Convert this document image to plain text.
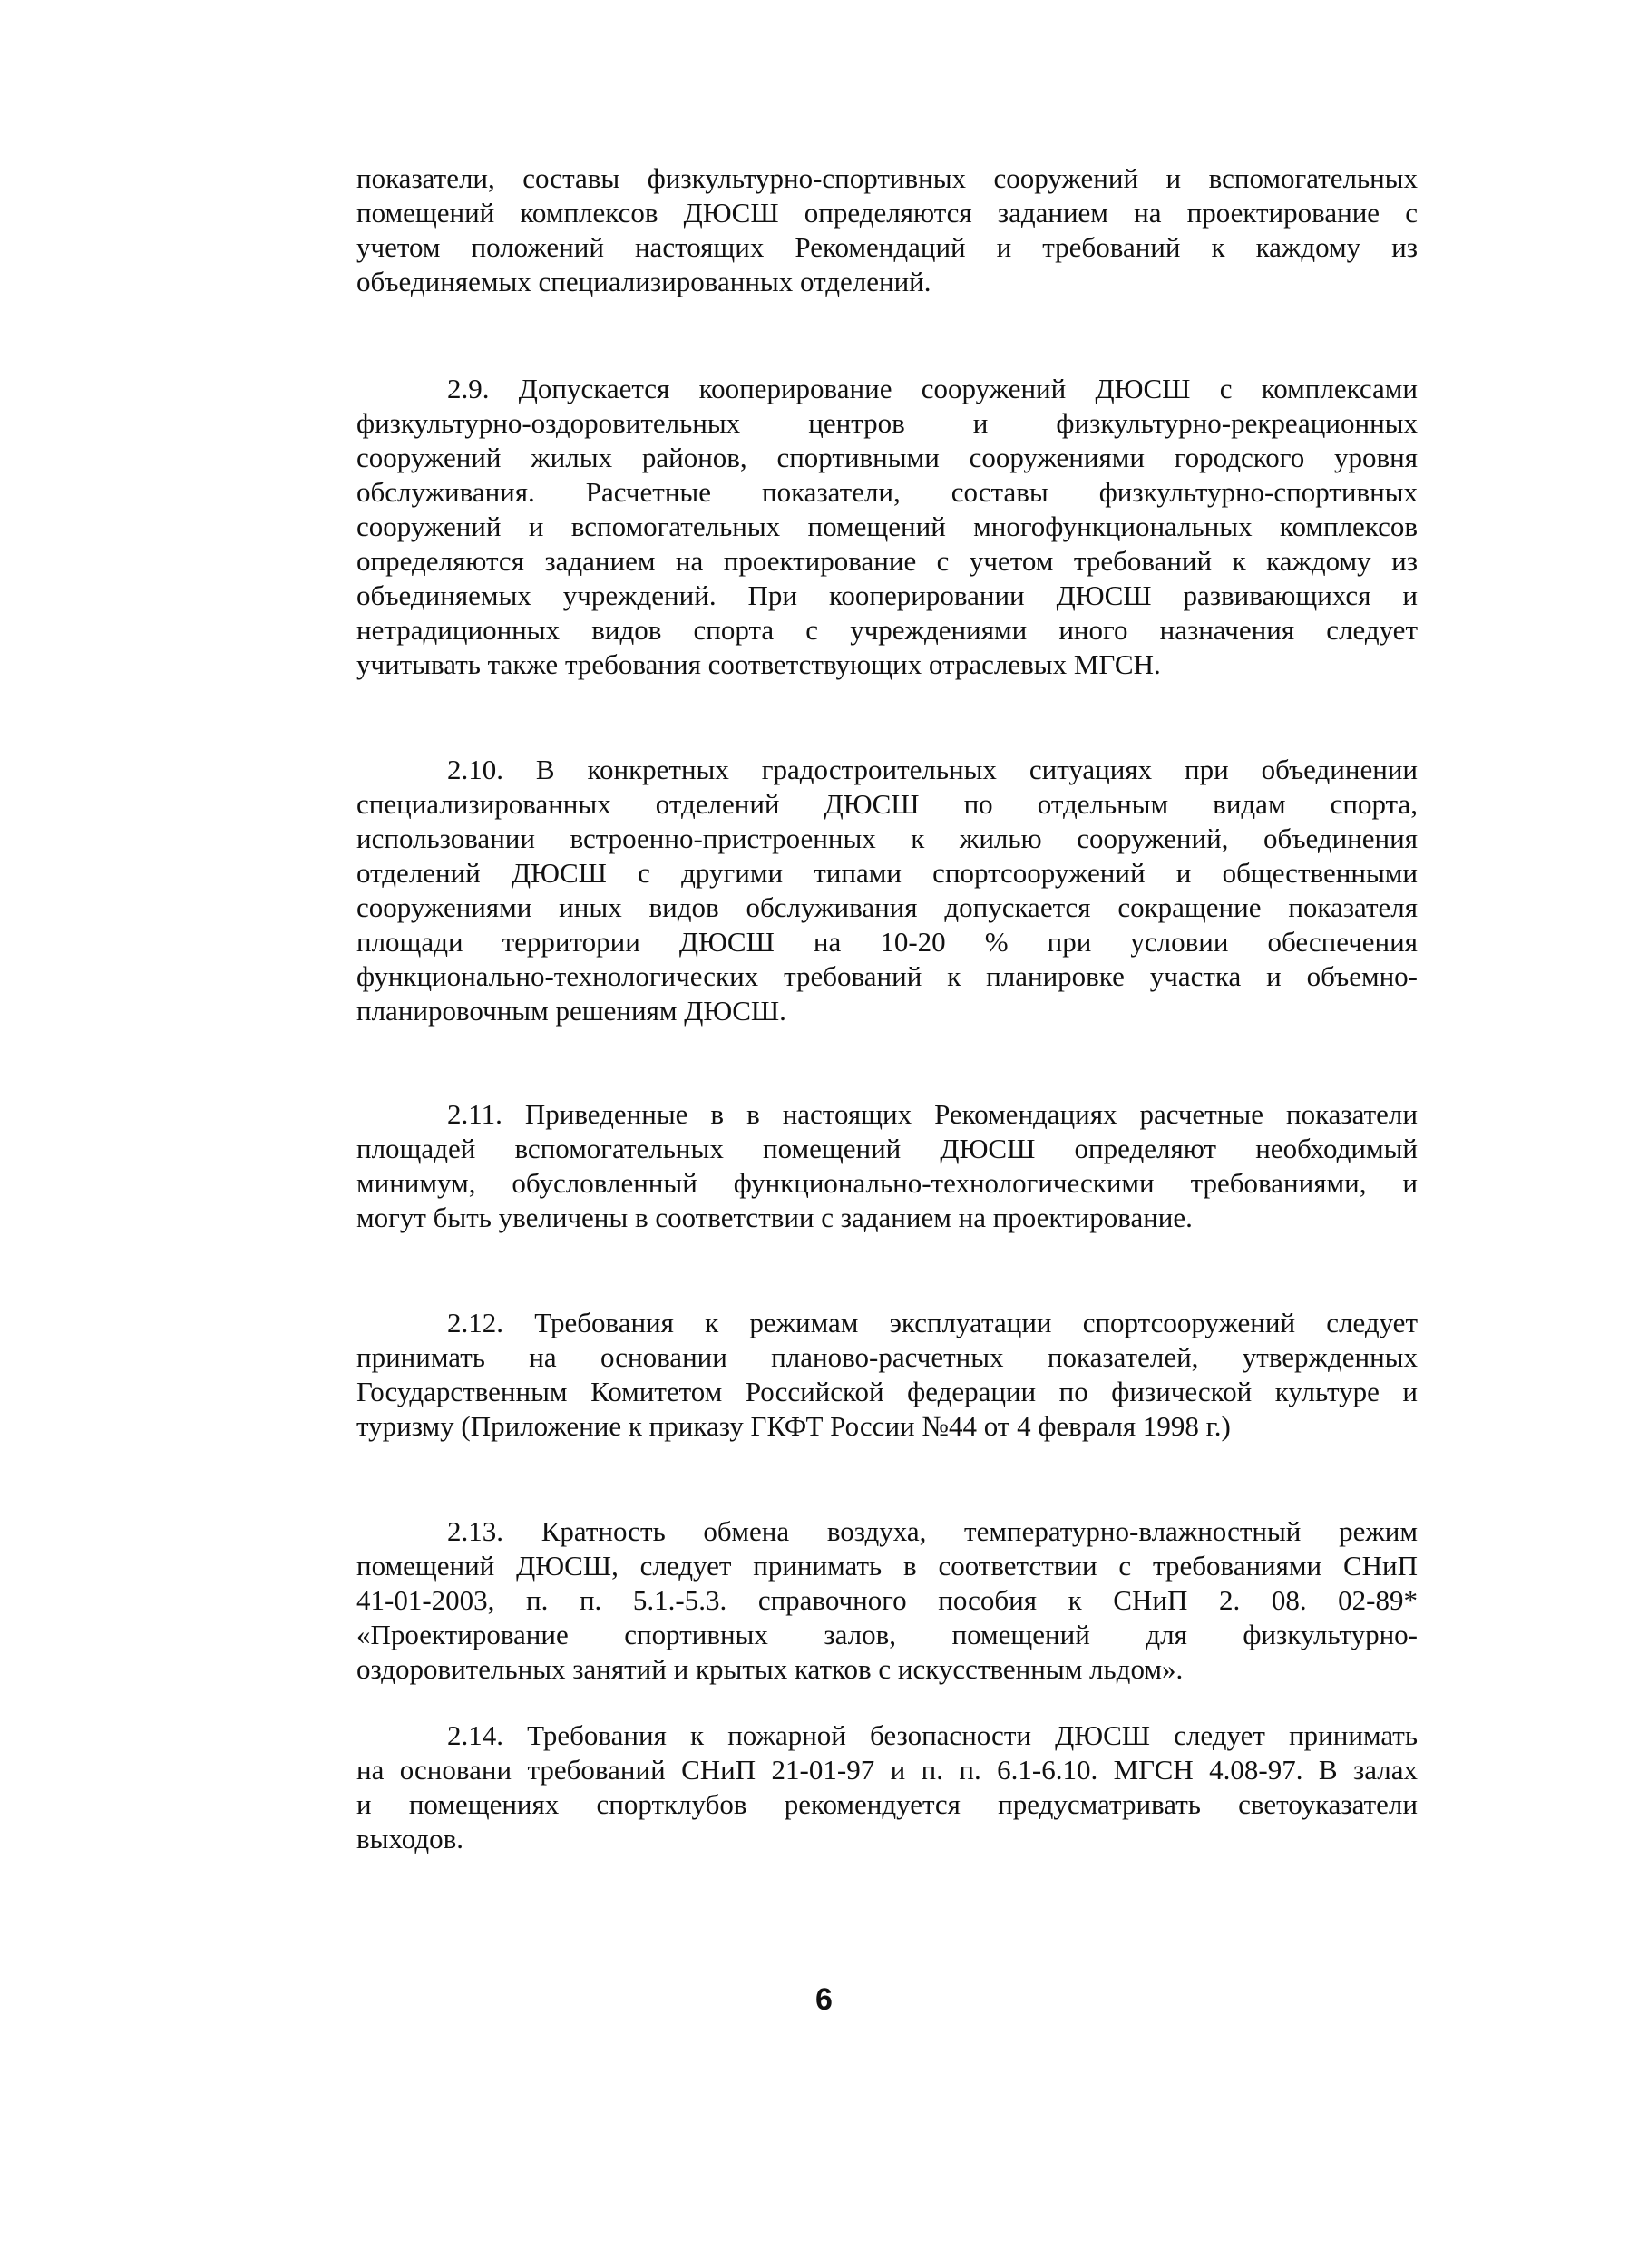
показатели, составы физкультурно-спортивных сооружений и вспомогательных
помещений комплексов ДЮСШ определяются заданием на проектирование с
учетом положений настоящих Рекомендаций и требований к каждому из
объединяемых специализированных отделений.
2.9. Допускается кооперирование сооружений ДЮСШ с комплексами
физкультурно-оздоровительных центров и физкультурно-рекреационных
сооружений жилых районов, спортивными сооружениями городского уровня
обслуживания. Расчетные показатели, составы физкультурно-спортивных
сооружений и вспомогательных помещений многофункциональных комплексов
определяются заданием на проектирование с учетом требований к каждому из
объединяемых учреждений. При кооперировании ДЮСШ развивающихся и
нетрадиционных видов спорта с учреждениями иного назначения следует
учитывать также требования соответствующих отраслевых МГСН.
2.10. В конкретных градостроительных ситуациях при объединении
специализированных отделений ДЮСШ по отдельным видам спорта,
использовании встроенно-пристроенных к жилью сооружений, объединения
отделений ДЮСШ с другими типами спортсооружений и общественными
сооружениями иных видов обслуживания допускается сокращение показателя
площади территории ДЮСШ на 10-20 % при условии обеспечения
функционально-технологических требований к планировке участка и объемно-
планировочным решениям ДЮСШ.
2.11. Приведенные в в настоящих Рекомендациях расчетные показатели
площадей вспомогательных помещений ДЮСШ определяют необходимый
минимум, обусловленный функционально-технологическими требованиями, и
могут быть увеличены в соответствии с заданием на проектирование.
2.12. Требования к режимам эксплуатации спортсооружений следует
принимать на основании планово-расчетных показателей, утвержденных
Государственным Комитетом Российской федерации по физической культуре и
туризму (Приложение к приказу ГКФТ России №44 от 4 февраля 1998 г.)
2.13. Кратность обмена воздуха, температурно-влажностный режим
помещений ДЮСШ, следует принимать в соответствии с требованиями СНиП
41-01-2003, п. п. 5.1.-5.3. справочного пособия к СНиП 2. 08. 02-89*
«Проектирование спортивных залов, помещений для физкультурно-
оздоровительных занятий и крытых катков с искусственным льдом».
2.14. Требования к пожарной безопасности ДЮСШ следует принимать
на основани требований СНиП 21-01-97 и п. п. 6.1-6.10. МГСН 4.08-97. В залах
и помещениях спортклубов рекомендуется предусматривать светоуказатели
выходов.
6
